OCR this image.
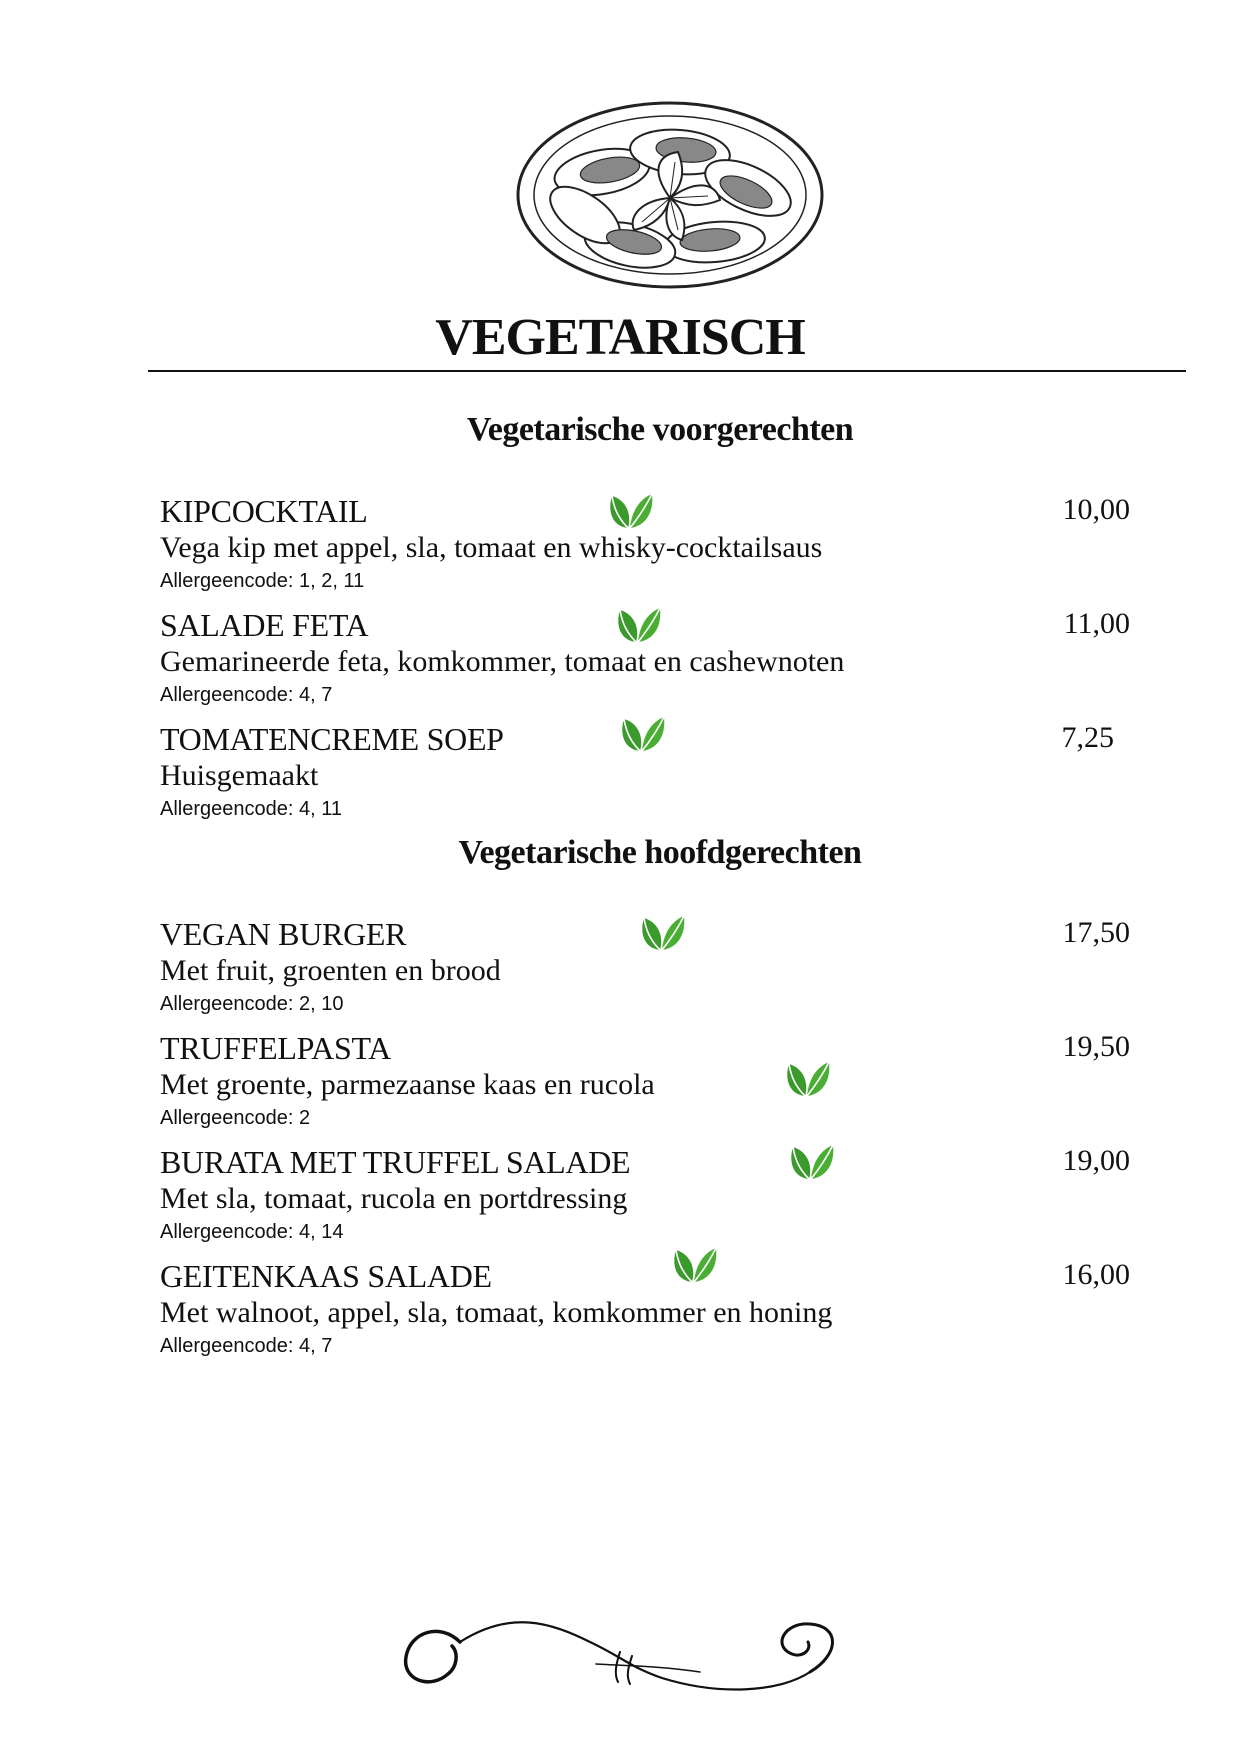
VEGETARISCH
Vegetarische voorgerechten
KIPCOCKTAIL
Vega kip met appel, sla, tomaat en whisky-cocktailsaus
Allergeencode: 1, 2, 11
10,00
SALADE FETA
Gemarineerde feta, komkommer, tomaat en cashewnoten
Allergeencode: 4, 7
11,00
TOMATENCREME SOEP
Huisgemaakt
Allergeencode: 4, 11
7,25
Vegetarische hoofdgerechten
VEGAN BURGER
Met fruit, groenten en brood
Allergeencode: 2, 10
17,50
TRUFFELPASTA
Met groente, parmezaanse kaas en rucola
Allergeencode: 2
19,50
BURATA MET TRUFFEL SALADE
Met sla, tomaat, rucola en portdressing
Allergeencode: 4, 14
19,00
GEITENKAAS SALADE
Met walnoot, appel, sla, tomaat, komkommer en honing
Allergeencode: 4, 7
16,00
